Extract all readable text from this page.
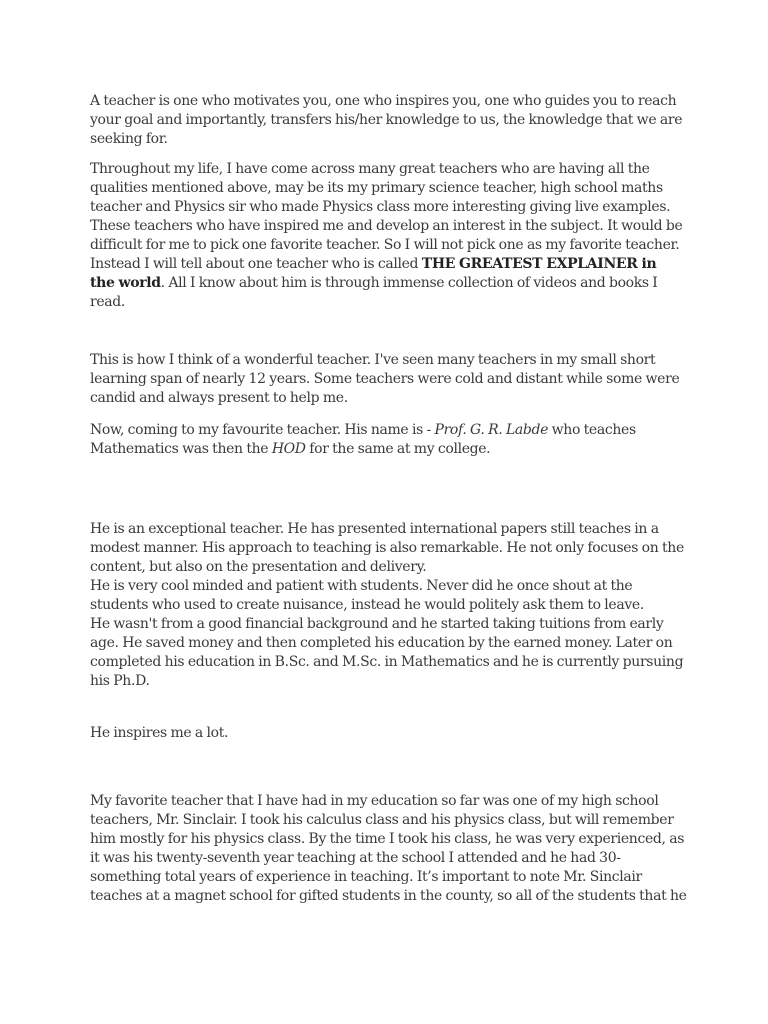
A teacher is one who motivates you, one who inspires you, one who guides you to reach

your goal and importantly, transfers his/her knowledge to us, the knowledge that we are

seeking for.

Throughout my life, I have come across many great teachers who are having all the

qualities mentioned above, may be its my primary science teacher, high school maths

teacher and Physics sir who made Physics class more interesting giving live examples.

These teachers who have inspired me and develop an interest in the subject. It would be

difficult for me to pick one favorite teacher. So I will not pick one as my favorite teacher.

Instead I will tell about one teacher who is called THE GREATEST EXPLAINER in

the world. All I know about him is through immense collection of videos and books I

read.

This is how I think of a wonderful teacher. I've seen many teachers in my small short

learning span of nearly 12 years. Some teachers were cold and distant while some were

candid and always present to help me.

Now, coming to my favourite teacher. His name is - Prof. G. R. Labde who teaches

Mathematics was then the HOD for the same at my college.

He is an exceptional teacher. He has presented international papers still teaches in a

modest manner. His approach to teaching is also remarkable. He not only focuses on the

content, but also on the presentation and delivery.

He is very cool minded and patient with students. Never did he once shout at the

students who used to create nuisance, instead he would politely ask them to leave.

He wasn't from a good financial background and he started taking tuitions from early

age. He saved money and then completed his education by the earned money. Later on

completed his education in B.Sc. and M.Sc. in Mathematics and he is currently pursuing

his Ph.D.

He inspires me a lot.

My favorite teacher that I have had in my education so far was one of my high school

teachers, Mr. Sinclair. I took his calculus class and his physics class, but will remember

him mostly for his physics class. By the time I took his class, he was very experienced, as

it was his twenty-seventh year teaching at the school I attended and he had 30-

something total years of experience in teaching. It’s important to note Mr. Sinclair

teaches at a magnet school for gifted students in the county, so all of the students that he
